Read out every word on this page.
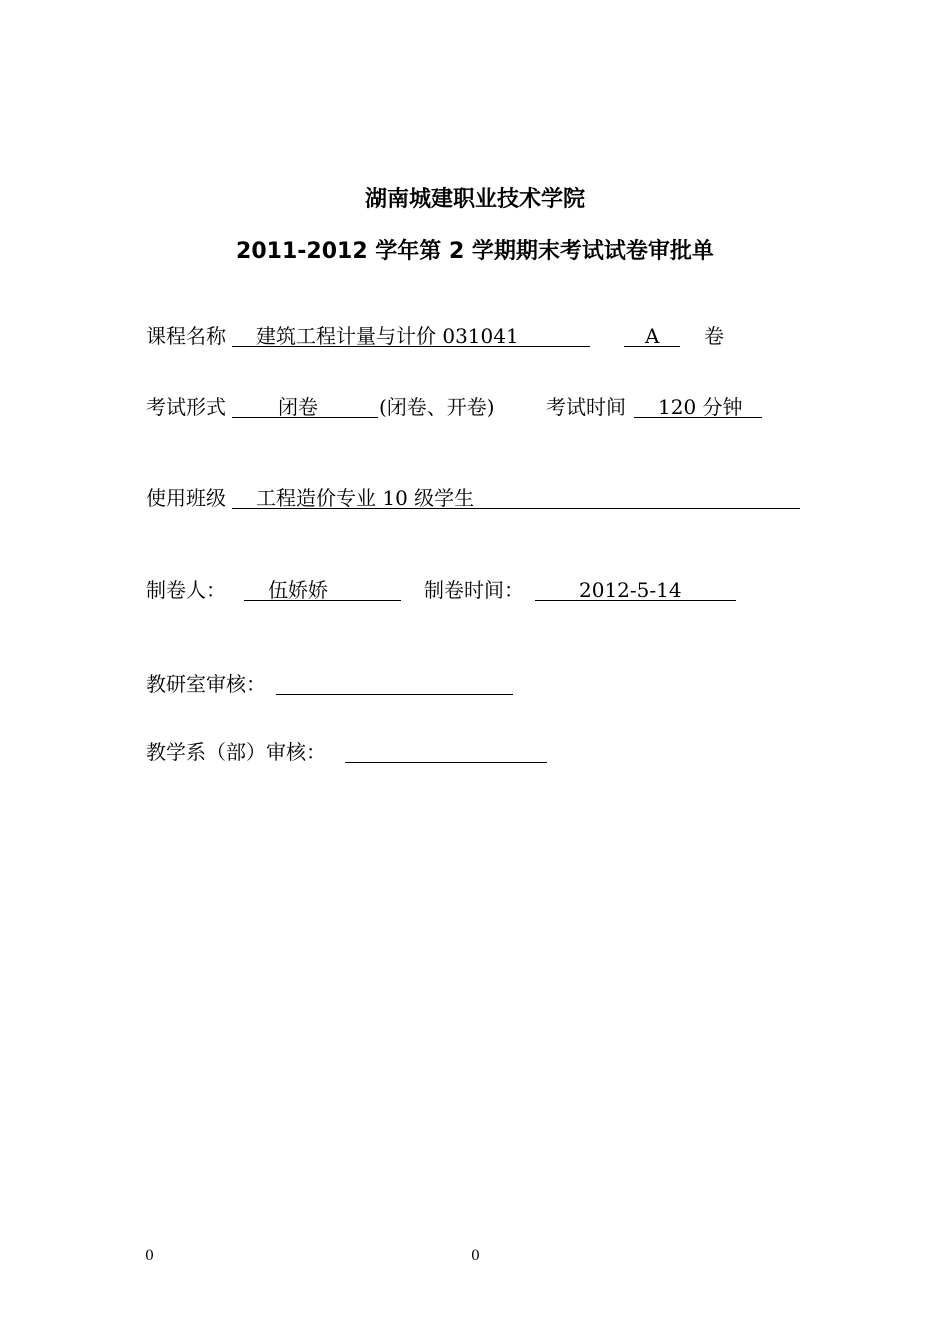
湖南城建职业技术学院
2011-2012 学年第 2 学期期末考试试卷审批单
课程名称 建筑工程计量与计价 031041	A 卷
考试形式	闭卷	(闭卷、开卷)	考试时间 120 分钟
使用班级 工程造价专业 10 级学生
制卷人： 伍娇娇	制卷时间：	2012-5-14
教研室审核：
教学系（部）审核：
0	0
